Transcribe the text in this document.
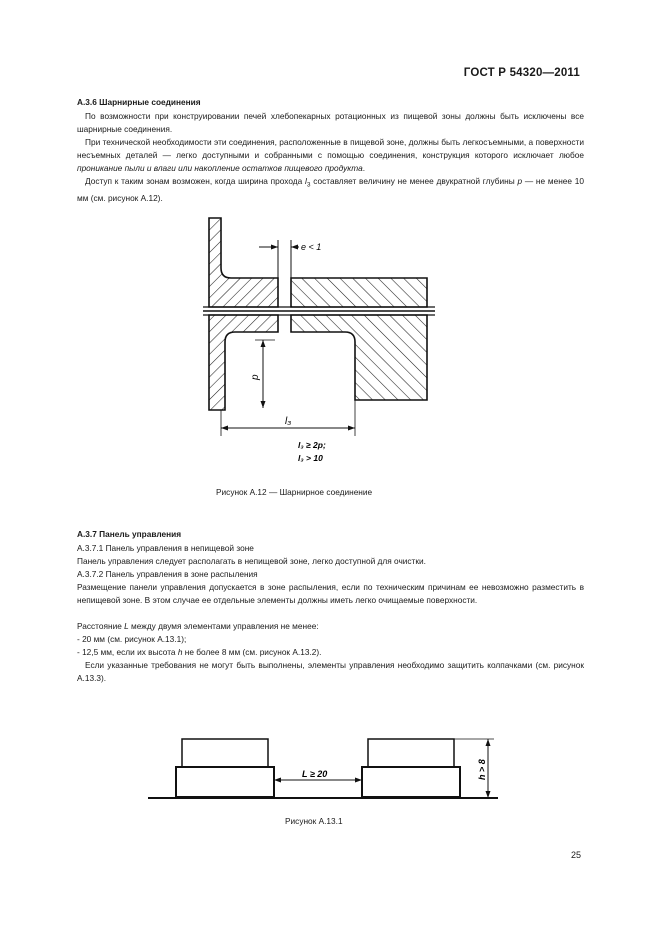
ГОСТ Р 54320—2011
А.3.6 Шарнирные соединения
По возможности при конструировании печей хлебопекарных ротационных из пищевой зоны должны быть исключены все шарнирные соединения.
При технической необходимости эти соединения, расположенные в пищевой зоне, должны быть легкосъемными, а поверхности несъемных деталей — легко доступными и собранными с помощью соединения, конструкция которого исключает любое проникание пыли и влаги или накопление остатков пищевого продукта.
Доступ к таким зонам возможен, когда ширина прохода $l_3$ составляет величину не менее двукратной глубины p — не менее 10 мм (см. рисунок А.12).
e < 1
p
l₃
l₃ ≥ 2p;
l₃ > 10
Рисунок А.12 — Шарнирное соединение
А.3.7 Панель управления
А.3.7.1 Панель управления в непищевой зоне
Панель управления следует располагать в непищевой зоне, легко доступной для очистки.
А.3.7.2 Панель управления в зоне распыления
Размещение панели управления допускается в зоне распыления, если по техническим причинам ее невозможно разместить в непищевой зоне. В этом случае ее отдельные элементы должны иметь легко очищаемые поверхности.
Расстояние L между двумя элементами управления не менее:
- 20 мм (см. рисунок А.13.1);
- 12,5 мм, если их высота h не более 8 мм (см. рисунок А.13.2).
Если указанные требования не могут быть выполнены, элементы управления необходимо защитить колпачками (см. рисунок А.13.3).
L ≥ 20	h > 8
Рисунок А.13.1
25
